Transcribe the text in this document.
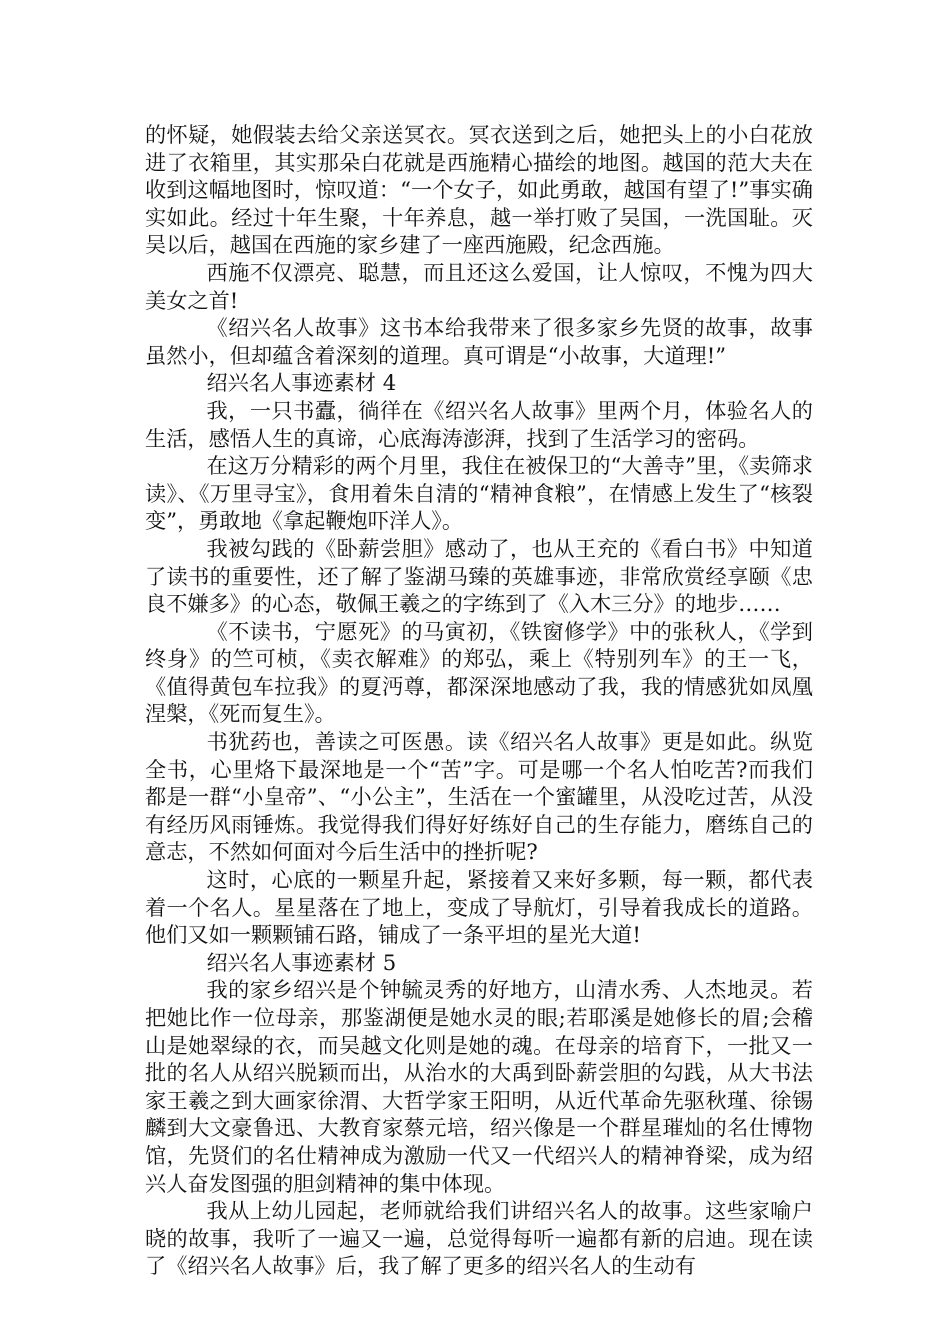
的怀疑，她假装去给父亲送冥衣。冥衣送到之后，她把头上的小白花放进了衣箱里，其实那朵白花就是西施精心描绘的地图。越国的范大夫在收到这幅地图时，惊叹道：“一个女子，如此勇敢，越国有望了!”事实确实如此。经过十年生聚，十年养息，越一举打败了吴国，一洗国耻。灭吴以后，越国在西施的家乡建了一座西施殿，纪念西施。

西施不仅漂亮、聪慧，而且还这么爱国，让人惊叹，不愧为四大美女之首!

《绍兴名人故事》这书本给我带来了很多家乡先贤的故事，故事虽然小，但却蕴含着深刻的道理。真可谓是“小故事，大道理!”

绍兴名人事迹素材 4

我，一只书蠹，徜徉在《绍兴名人故事》里两个月，体验名人的生活，感悟人生的真谛，心底海涛澎湃，找到了生活学习的密码。

在这万分精彩的两个月里，我住在被保卫的“大善寺”里，《卖筛求读》、《万里寻宝》，食用着朱自清的“精神食粮”，在情感上发生了“核裂变”，勇敢地《拿起鞭炮吓洋人》。

我被勾践的《卧薪尝胆》感动了，也从王充的《看白书》中知道了读书的重要性，还了解了鉴湖马臻的英雄事迹，非常欣赏经享颐《忠良不嫌多》的心态，敬佩王羲之的字练到了《入木三分》的地步……

《不读书，宁愿死》的马寅初，《铁窗修学》中的张秋人，《学到终身》的竺可桢，《卖衣解难》的郑弘，乘上《特别列车》的王一飞，《值得黄包车拉我》的夏沔尊，都深深地感动了我，我的情感犹如凤凰涅槃，《死而复生》。

书犹药也，善读之可医愚。读《绍兴名人故事》更是如此。纵览全书，心里烙下最深地是一个“苦”字。可是哪一个名人怕吃苦?而我们都是一群“小皇帝”、“小公主”，生活在一个蜜罐里，从没吃过苦，从没有经历风雨锤炼。我觉得我们得好好练好自己的生存能力，磨练自己的意志，不然如何面对今后生活中的挫折呢?

这时，心底的一颗星升起，紧接着又来好多颗，每一颗，都代表着一个名人。星星落在了地上，变成了导航灯，引导着我成长的道路。他们又如一颗颗铺石路，铺成了一条平坦的星光大道!

绍兴名人事迹素材 5

我的家乡绍兴是个钟毓灵秀的好地方，山清水秀、人杰地灵。若把她比作一位母亲，那鉴湖便是她水灵的眼;若耶溪是她修长的眉;会稽山是她翠绿的衣，而吴越文化则是她的魂。在母亲的培育下，一批又一批的名人从绍兴脱颖而出，从治水的大禹到卧薪尝胆的勾践，从大书法家王羲之到大画家徐渭、大哲学家王阳明，从近代革命先驱秋瑾、徐锡麟到大文豪鲁迅、大教育家蔡元培，绍兴像是一个群星璀灿的名仕博物馆，先贤们的名仕精神成为激励一代又一代绍兴人的精神脊梁，成为绍兴人奋发图强的胆剑精神的集中体现。

我从上幼儿园起，老师就给我们讲绍兴名人的故事。这些家喻户晓的故事，我听了一遍又一遍，总觉得每听一遍都有新的启迪。现在读了《绍兴名人故事》后，我了解了更多的绍兴名人的生动有
